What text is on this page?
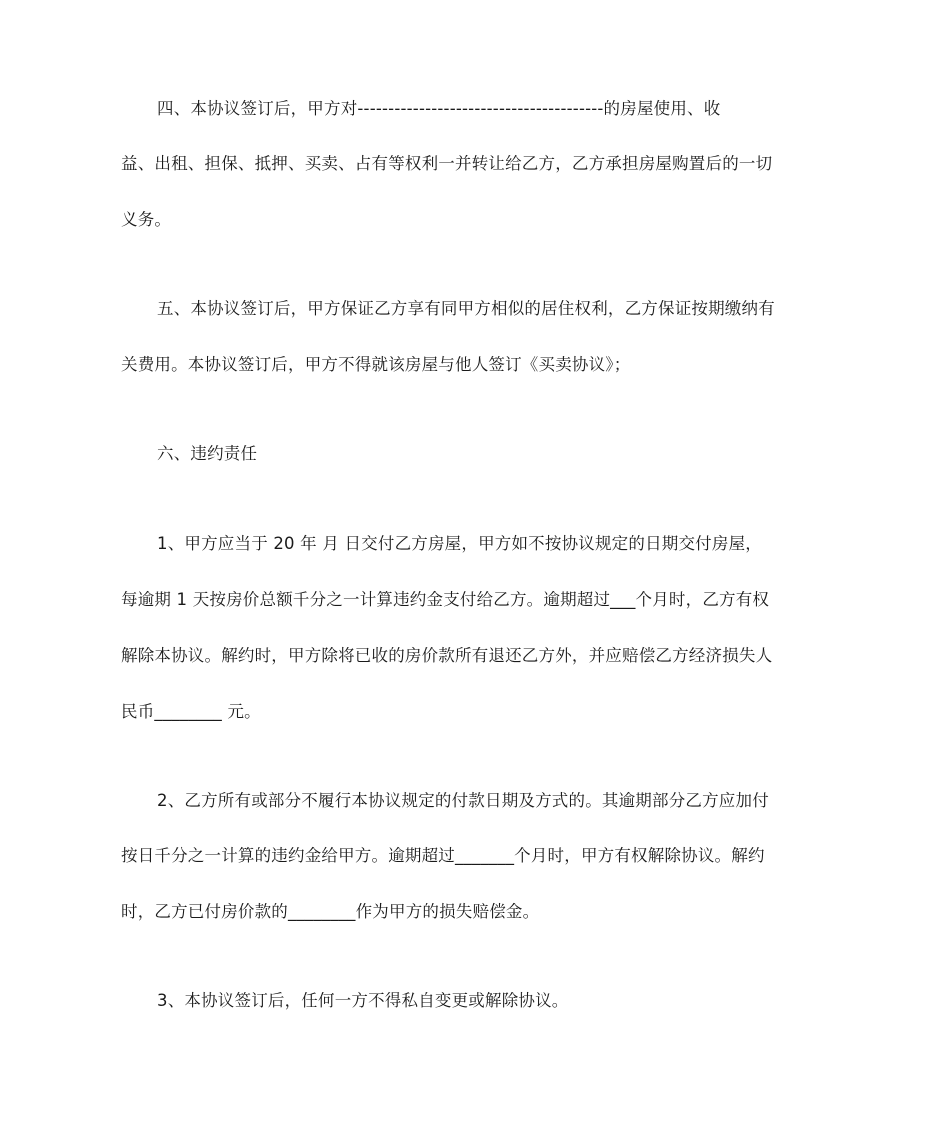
四、本协议签订后，甲方对----------------------------------------的房屋使用、收
益、出租、担保、抵押、买卖、占有等权利一并转让给乙方，乙方承担房屋购置后的一切
义务。
五、本协议签订后，甲方保证乙方享有同甲方相似的居住权利，乙方保证按期缴纳有
关费用。本协议签订后，甲方不得就该房屋与他人签订《买卖协议》；
六、违约责任
1、甲方应当于 20 年 月 日交付乙方房屋，甲方如不按协议规定的日期交付房屋，
每逾期 1 天按房价总额千分之一计算违约金支付给乙方。逾期超过___个月时，乙方有权
解除本协议。解约时，甲方除将已收的房价款所有退还乙方外，并应赔偿乙方经济损失人
民币________ 元。
2、乙方所有或部分不履行本协议规定的付款日期及方式的。其逾期部分乙方应加付
按日千分之一计算的违约金给甲方。逾期超过_______个月时，甲方有权解除协议。解约
时，乙方已付房价款的________作为甲方的损失赔偿金。
3、本协议签订后，任何一方不得私自变更或解除协议。
